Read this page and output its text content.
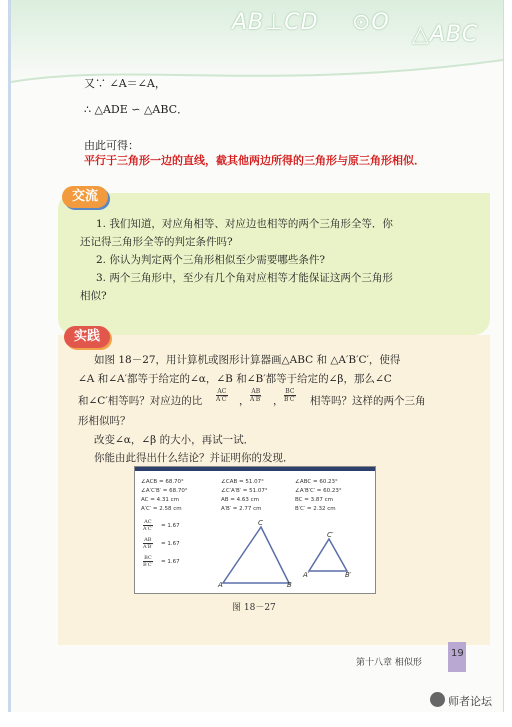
AB⊥CD ⊙O △ABC
又∵ ∠A＝∠A，
∴ △ADE ∽ △ABC．
由此可得：
平行于三角形一边的直线，截其他两边所得的三角形与原三角形相似．
交流
1. 我们知道，对应角相等、对应边也相等的两个三角形全等．你
还记得三角形全等的判定条件吗?
2. 你认为判定两个三角形相似至少需要哪些条件?
3. 两个三角形中，至少有几个角对应相等才能保证这两个三角形
相似?
实践
如图 18－27，用计算机或图形计算器画△ABC 和 △A′B′C′，使得
∠A 和∠A′都等于给定的∠α，∠B 和∠B′都等于给定的∠β，那么∠C
和∠C′相等吗？对应边的比 $\frac{AC}{A'C'}$ ， $\frac{AB}{A'B'}$ ， $\frac{BC}{B'C'}$ 相等吗？这样的两个三角
形相似吗？
改变∠α，∠β 的大小，再试一试．
你能由此得出什么结论？并证明你的发现．
∠ACB = 68.70°	∠CAB = 51.07°	∠ABC = 60.23°
∠A′C′B′ = 68.70°	∠C′A′B′ = 51.07°	∠A′B′C′ = 60.23°
AC = 4.31 cm	AB = 4.63 cm	BC = 3.87 cm
A′C′ = 2.58 cm	A′B′ = 2.77 cm	B′C′ = 2.32 cm
$\frac{AC}{A'C'} = 1.67$
$\frac{AB}{A'B'} = 1.67$
$\frac{BC}{B'C'} = 1.67$
A	B
C
A′	B′
C′
图 18－27
第十八章 相似形
19
师者论坛
